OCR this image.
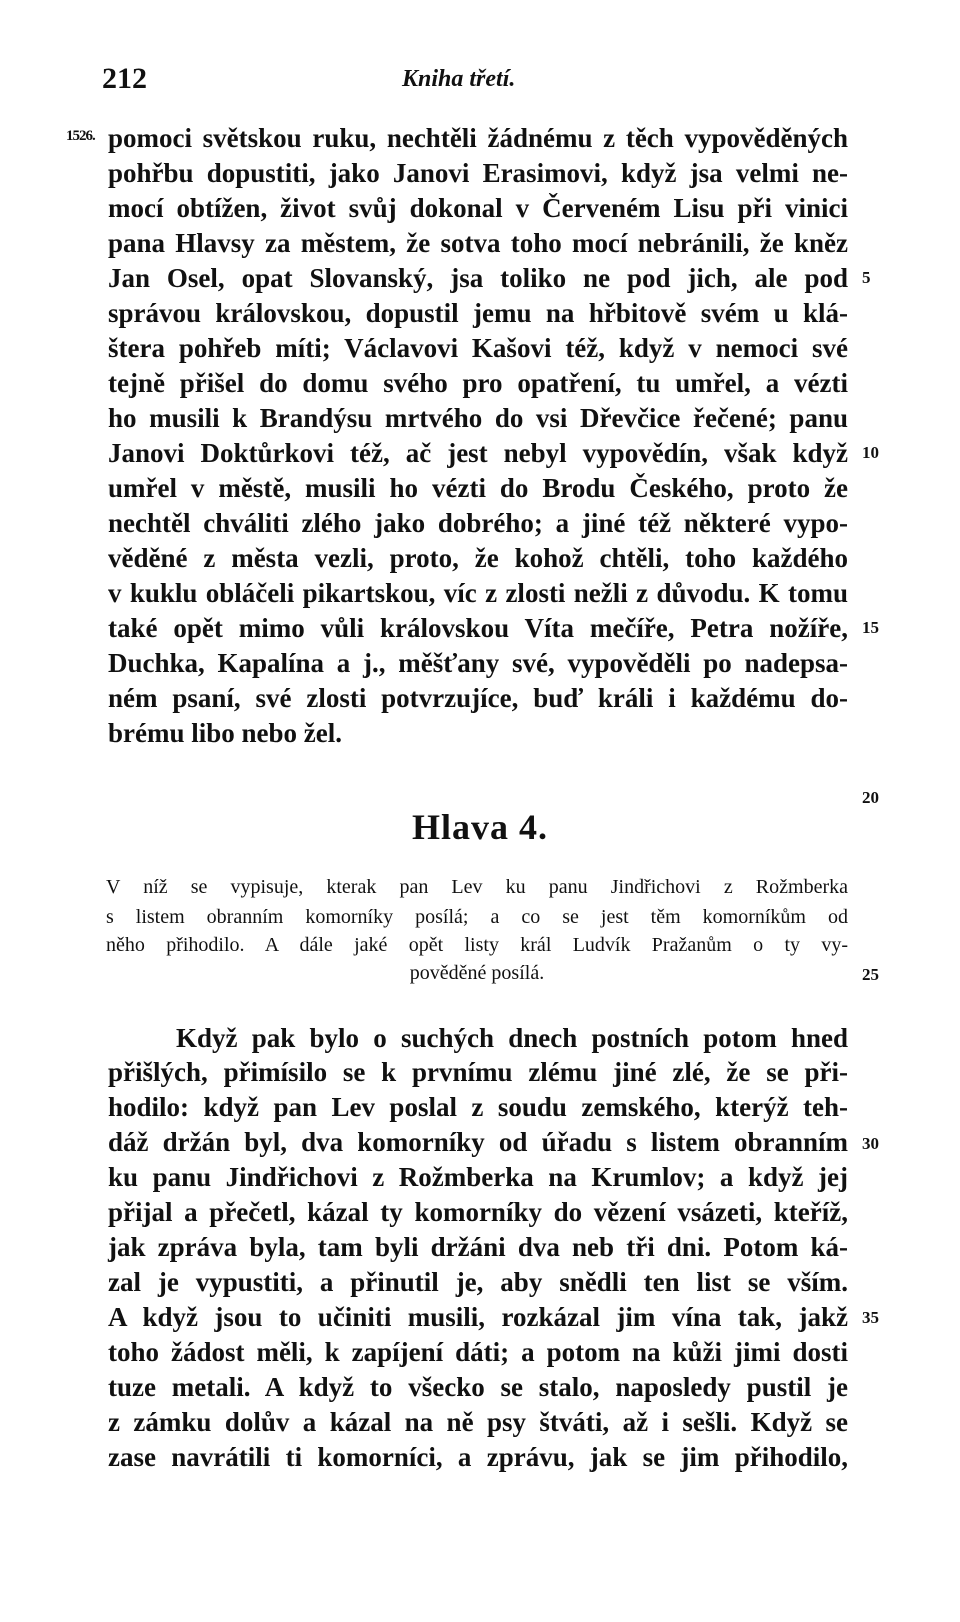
212	Kniha třetí.
1526. pomoci světskou ruku, nechtěli žádnému z těch vypověděných
pohřbu dopustiti, jako Janovi Erasimovi, když jsa velmi ne-
mocí obtížen, život svůj dokonal v Červeném Lisu při vinici
pana Hlavsy za městem, že sotva toho mocí nebránili, že kněz
Jan Osel, opat Slovanský, jsa toliko ne pod jich, ale pod
správou královskou, dopustil jemu na hřbitově svém u klá-
štera pohřeb míti; Václavovi Kašovi též, když v nemoci své
tejně přišel do domu svého pro opatření, tu umřel, a vézti
ho musili k Brandýsu mrtvého do vsi Dřevčice řečené; panu
Janovi Doktůrkovi též, ač jest nebyl vypovědín, však když
umřel v městě, musili ho vézti do Brodu Českého, proto že
nechtěl chváliti zlého jako dobrého; a jiné též některé vypo-
věděné z města vezli, proto, že kohož chtěli, toho každého
v kuklu obláčeli pikartskou, víc z zlosti nežli z důvodu. K tomu
také opět mimo vůli královskou Víta mečíře, Petra nožíře,
Duchka, Kapalína a j., měšťany své, vypověděli po nadepsa-
ném psaní, své zlosti potvrzujíce, buď králi i každému do-
brému libo nebo žel.
5
10
15
20
25
30
35
Hlava 4.
V níž se vypisuje, kterak pan Lev ku panu Jindřichovi z Rožmberka
s listem obranním komorníky posílá; a co se jest těm komorníkům od
něho přihodilo. A dále jaké opět listy král Ludvík Pražanům o ty vy-
pověděné posílá.
Když pak bylo o suchých dnech postních potom hned
přišlých, přimísilo se k prvnímu zlému jiné zlé, že se při-
hodilo: když pan Lev poslal z soudu zemského, kterýž teh-
dáž držán byl, dva komorníky od úřadu s listem obranním
ku panu Jindřichovi z Rožmberka na Krumlov; a když jej
přijal a přečetl, kázal ty komorníky do vězení vsázeti, kteříž,
jak zpráva byla, tam byli držáni dva neb tři dni. Potom ká-
zal je vypustiti, a přinutil je, aby snědli ten list se vším.
A když jsou to učiniti musili, rozkázal jim vína tak, jakž
toho žádost měli, k zapíjení dáti; a potom na kůži jimi dosti
tuze metali. A když to všecko se stalo, naposledy pustil je
z zámku dolův a kázal na ně psy štváti, až i sešli. Když se
zase navrátili ti komorníci, a zprávu, jak se jim přihodilo,
